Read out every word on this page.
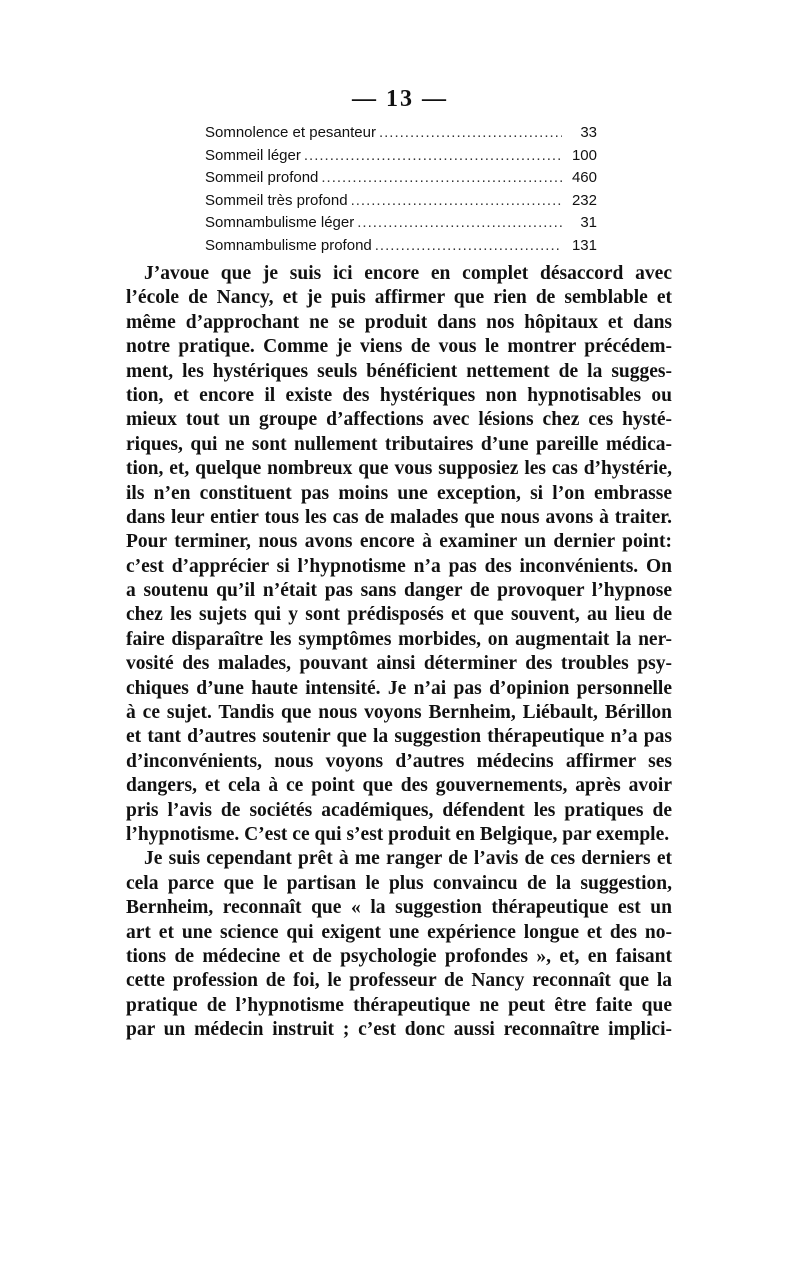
— 13 —
Somnolence et pesanteur .....	33
Sommeil léger .....	100
Sommeil profond .....	460
Sommeil très profond .....	232
Somnambulisme léger .....	31
Somnambulisme profond .....	131
J’avoue que je suis ici encore en complet désaccord avec
l’école de Nancy, et je puis affirmer que rien de semblable et
même d’approchant ne se produit dans nos hôpitaux et dans
notre pratique. Comme je viens de vous le montrer précédem-
ment, les hystériques seuls bénéficient nettement de la sugges-
tion, et encore il existe des hystériques non hypnotisables ou
mieux tout un groupe d’affections avec lésions chez ces hysté-
riques, qui ne sont nullement tributaires d’une pareille médica-
tion, et, quelque nombreux que vous supposiez les cas d’hystérie,
ils n’en constituent pas moins une exception, si l’on embrasse
dans leur entier tous les cas de malades que nous avons à traiter.
Pour terminer, nous avons encore à examiner un dernier point:
c’est d’apprécier si l’hypnotisme n’a pas des inconvénients. On
a soutenu qu’il n’était pas sans danger de provoquer l’hypnose
chez les sujets qui y sont prédisposés et que souvent, au lieu de
faire disparaître les symptômes morbides, on augmentait la ner-
vosité des malades, pouvant ainsi déterminer des troubles psy-
chiques d’une haute intensité. Je n’ai pas d’opinion personnelle
à ce sujet. Tandis que nous voyons Bernheim, Liébault, Bérillon
et tant d’autres soutenir que la suggestion thérapeutique n’a pas
d’inconvénients, nous voyons d’autres médecins affirmer ses
dangers, et cela à ce point que des gouvernements, après avoir
pris l’avis de sociétés académiques, défendent les pratiques de
l’hypnotisme. C’est ce qui s’est produit en Belgique, par exemple.
Je suis cependant prêt à me ranger de l’avis de ces derniers et
cela parce que le partisan le plus convaincu de la suggestion,
Bernheim, reconnaît que « la suggestion thérapeutique est un
art et une science qui exigent une expérience longue et des no-
tions de médecine et de psychologie profondes », et, en faisant
cette profession de foi, le professeur de Nancy reconnaît que la
pratique de l’hypnotisme thérapeutique ne peut être faite que
par un médecin instruit ; c’est donc aussi reconnaître implici-
